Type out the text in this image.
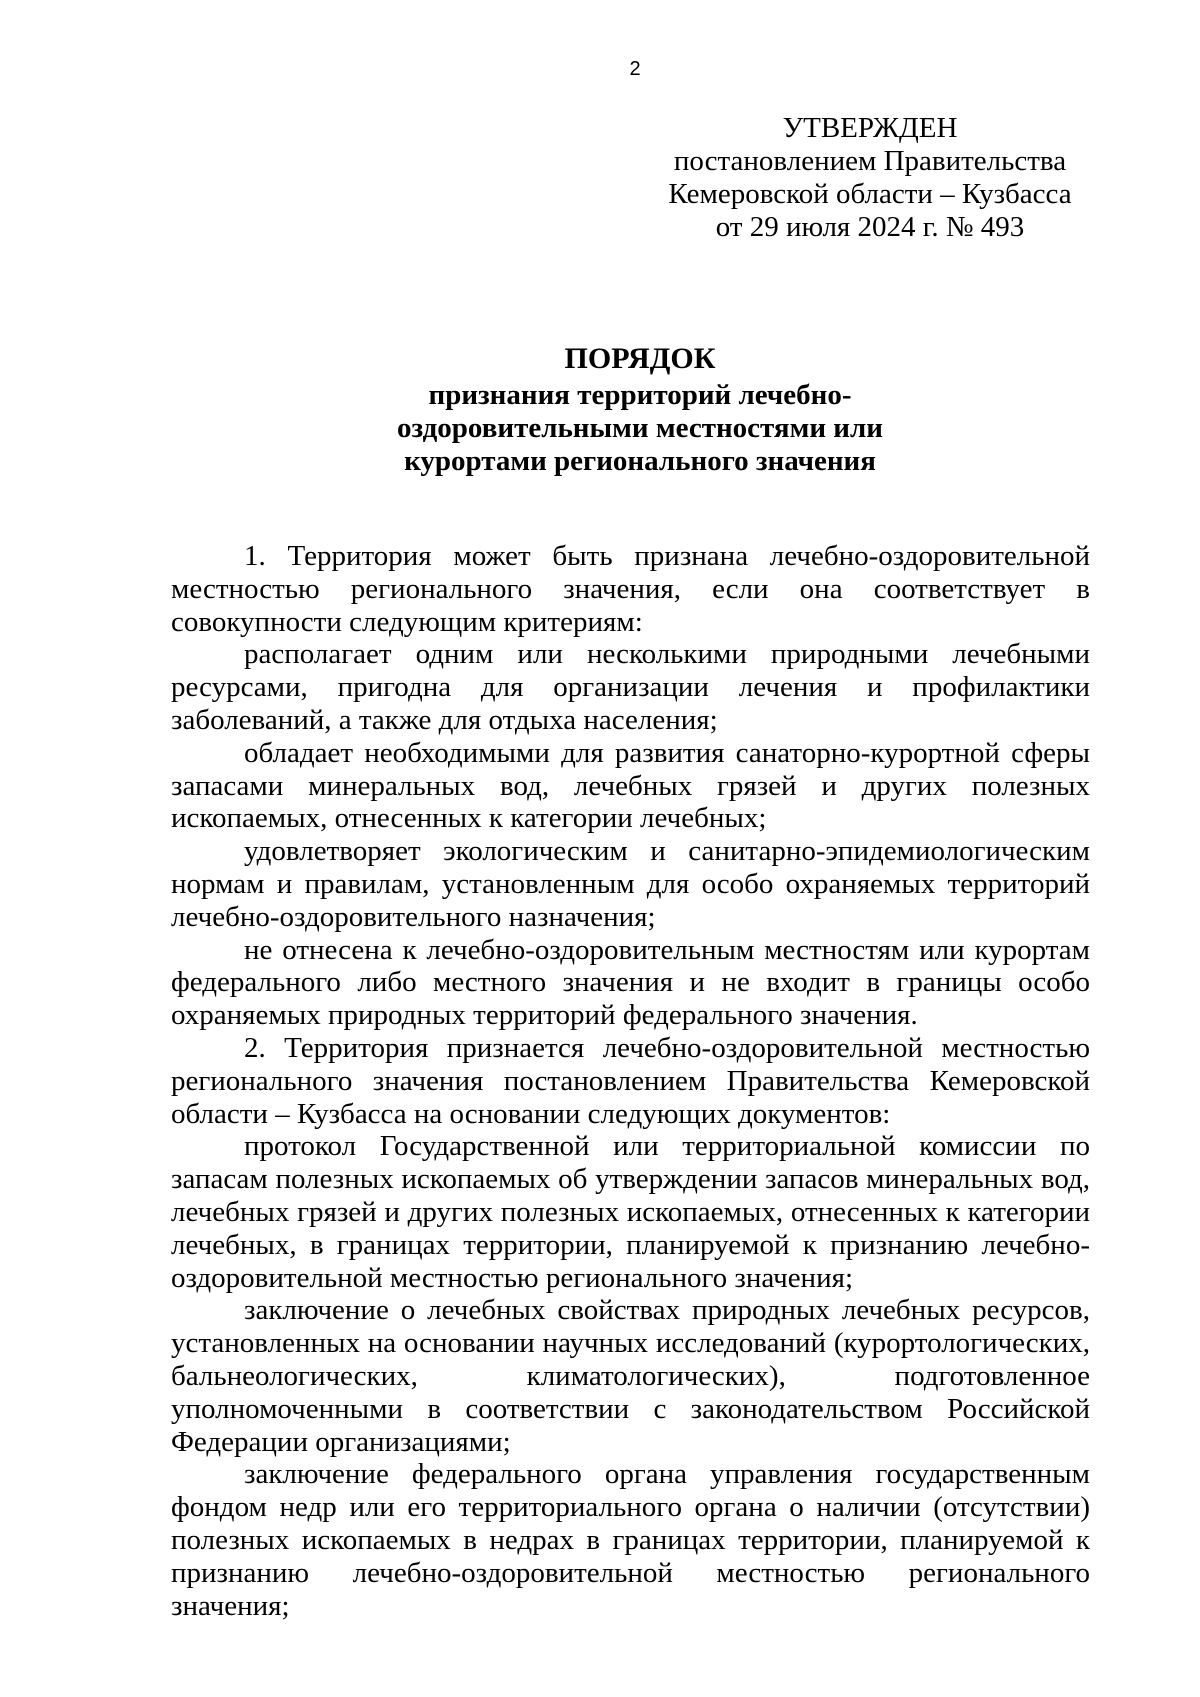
2
УТВЕРЖДЕН
постановлением Правительства
Кемеровской области – Кузбасса
от 29 июля 2024 г. № 493
ПОРЯДОК
признания территорий лечебно-
оздоровительными местностями или
курортами регионального значения

1. Территория может быть признана лечебно-оздоровительной местностью регионального значения, если она соответствует в совокупности следующим критериям:

располагает одним или несколькими природными лечебными ресурсами, пригодна для организации лечения и профилактики заболеваний, а также для отдыха населения;

обладает необходимыми для развития санаторно-курортной сферы запасами минеральных вод, лечебных грязей и других полезных ископаемых, отнесенных к категории лечебных;

удовлетворяет экологическим и санитарно-эпидемиологическим нормам и правилам, установленным для особо охраняемых территорий лечебно-оздоровительного назначения;

не отнесена к лечебно-оздоровительным местностям или курортам федерального либо местного значения и не входит в границы особо охраняемых природных территорий федерального значения.

2. Территория признается лечебно-оздоровительной местностью регионального значения постановлением Правительства Кемеровской области – Кузбасса на основании следующих документов:

протокол Государственной или территориальной комиссии по запасам полезных ископаемых об утверждении запасов минеральных вод, лечебных грязей и других полезных ископаемых, отнесенных к категории лечебных, в границах территории, планируемой к признанию лечебно-оздоровительной местностью регионального значения;

заключение о лечебных свойствах природных лечебных ресурсов, установленных на основании научных исследований (курортологических, бальнеологических, климатологических), подготовленное уполномоченными в соответствии с законодательством Российской Федерации организациями;

заключение федерального органа управления государственным фондом недр или его территориального органа о наличии (отсутствии) полезных ископаемых в недрах в границах территории, планируемой к признанию лечебно-оздоровительной местностью регионального значения;
